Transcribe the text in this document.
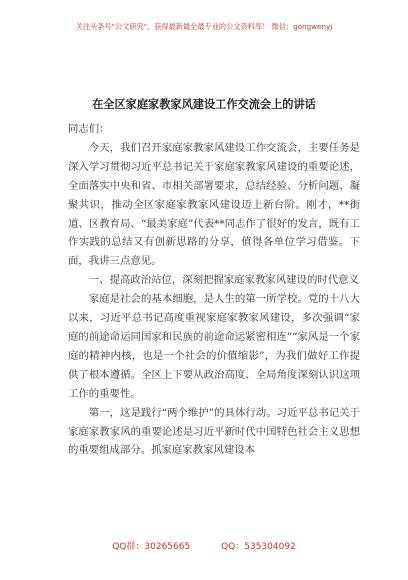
关注头条号"公文研究"，获得最新最全最专业的公文资料库！ 微信：gongwenyj
在全区家庭家教家风建设工作交流会上的讲话

同志们：

今天，我们召开家庭家教家风建设工作交流会，主要任务是深入学习贯彻习近平总书记关于家庭家教家风建设的重要论述，全面落实中央和省、市相关部署要求，总结经验、分析问题、凝聚共识，推动全区家庭家教家风建设迈上新台阶。刚才，**街道、区教育局、“最美家庭”代表**同志作了很好的发言，既有工作实践的总结又有创新思路的分享，值得各单位学习借鉴。下面，我讲三点意见。

一、提高政治站位，深刻把握家庭家教家风建设的时代意义

家庭是社会的基本细胞，是人生的第一所学校。党的十八大以来，习近平总书记高度重视家庭家教家风建设，多次强调“家庭的前途命运同国家和民族的前途命运紧密相连”“家风是一个家庭的精神内核，也是一个社会的价值缩影”，为我们做好工作提供了根本遵循。全区上下要从政治高度、全局角度深刻认识这项工作的重要性。

第一，这是践行“两个维护”的具体行动。习近平总书记关于家庭家教家风的重要论述是习近平新时代中国特色社会主义思想的重要组成部分。抓家庭家教家风建设本

QQ群：30265665	QQ：535304092
